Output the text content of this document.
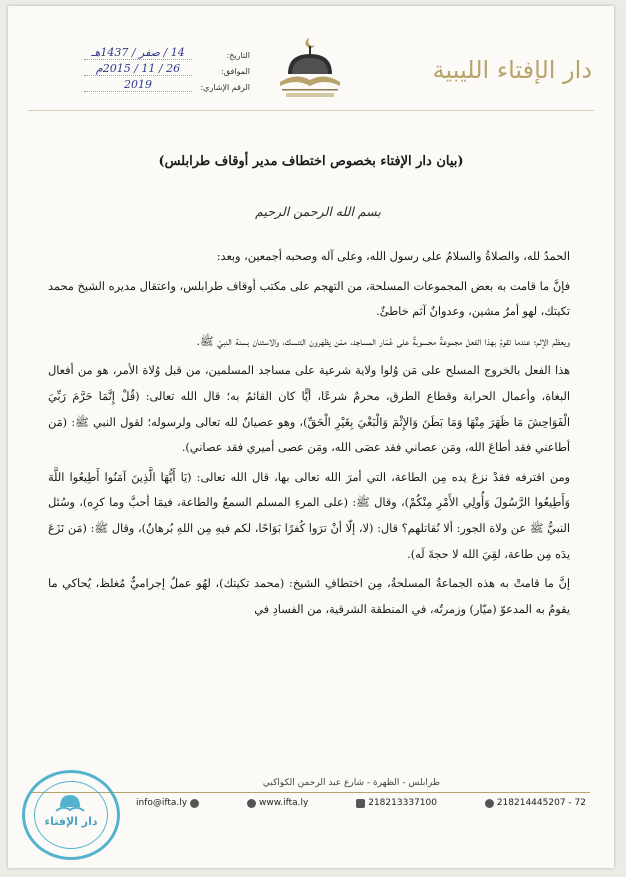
دار الإفتاء الليبية
التاريخ:
14 / صفر / 1437هـ
الموافق:
26 / 11 / 2015م
الرقم الإشاري:
2019
(بيان دار الإفتاء بخصوص اختطاف مدير أوقاف طرابلس)
بسم الله الرحمن الرحيم

الحمدُ لله، والصلاةُ والسلامُ على رسول الله، وعلى آله وصحبه أجمعين، وبعد:

فإنَّ ما قامت به بعض المجموعات المسلحة، من التهجم على مكتب أوقاف طرابلس، واعتقال مديره الشيخ محمد تكيتك، لهو أمرٌ مشين، وعدوانٌ آثم خاطئٌ.

ويعظم الإثم؛ عندما تقومُ بهذا الفعل مجموعةٌ محسوبةٌ على عُمّار المساجد، ممّن يظهرون التنسك، والاستنان بسنة النبيّ ﷺ.

هذا الفعل بالخروج المسلح على مَن وُلوا ولاية شرعية على مساجد المسلمين، من قبل وُلاة الأمر، هو من أفعال البغاة، وأعمال الحرابة وقطاع الطرق، محرمٌ شرعًا، أيًّا كان القائمُ به؛ قال الله تعالى: (قُلْ إِنَّمَا حَرَّمَ رَبِّيَ الْفَوَاحِشَ مَا ظَهَرَ مِنْهَا وَمَا بَطَنَ وَالإِثْمَ وَالْبَغْيَ بِغَيْرِ الْحَقِّ)، وهو عصيانٌ لله تعالى ولرسوله؛ لقول النبي ﷺ: (مَن أطاعني فقد أطاعَ الله، ومَن عصاني فقد عصَى الله، ومَن عصى أميري فقد عصاني).

ومن اقترفه فقدْ نزعَ يده مِن الطاعة، التي أمرَ الله تعالى بها، قال الله تعالى: (يَا أَيُّهَا الَّذِينَ آمَنُوا أَطِيعُوا اللَّهَ وَأَطِيعُوا الرَّسُولَ وَأُولِي الأَمْرِ مِنْكُمْ)، وقال ﷺ: (على المرءِ المسلم السمعُ والطاعة، فيمَا أحبَّ وما كرِه)، وسُئل النبيُّ ﷺ عن ولاة الجور: ألا نُقاتلهم؟ قال: (لا، إلّا أنْ ترَوا كُفرًا بَوَاحًا، لكم فيهِ مِن اللهِ بُرهانٌ)، وقال ﷺ: (مَن نَزَعَ يدَه مِن طاعة، لقِيَ الله لا حجةَ لَه).

إنَّ ما قامتْ به هذه الجماعةُ المسلحةُ، مِن اختطافِ الشيخ: (محمد تكيتك)، لهُو عملٌ إجراميٌّ مُغلظ، يُحاكي ما يقومُ به المدعوّ (ميّار) وزمرتُه، في المنطقة الشرقية، من الفسادِ في

طرابلس - الظهرة - شارع عبد الرحمن الكواكبي
info@ifta.ly	www.ifta.ly	218213337100	218214445207 - 72
دار الإفتاء
